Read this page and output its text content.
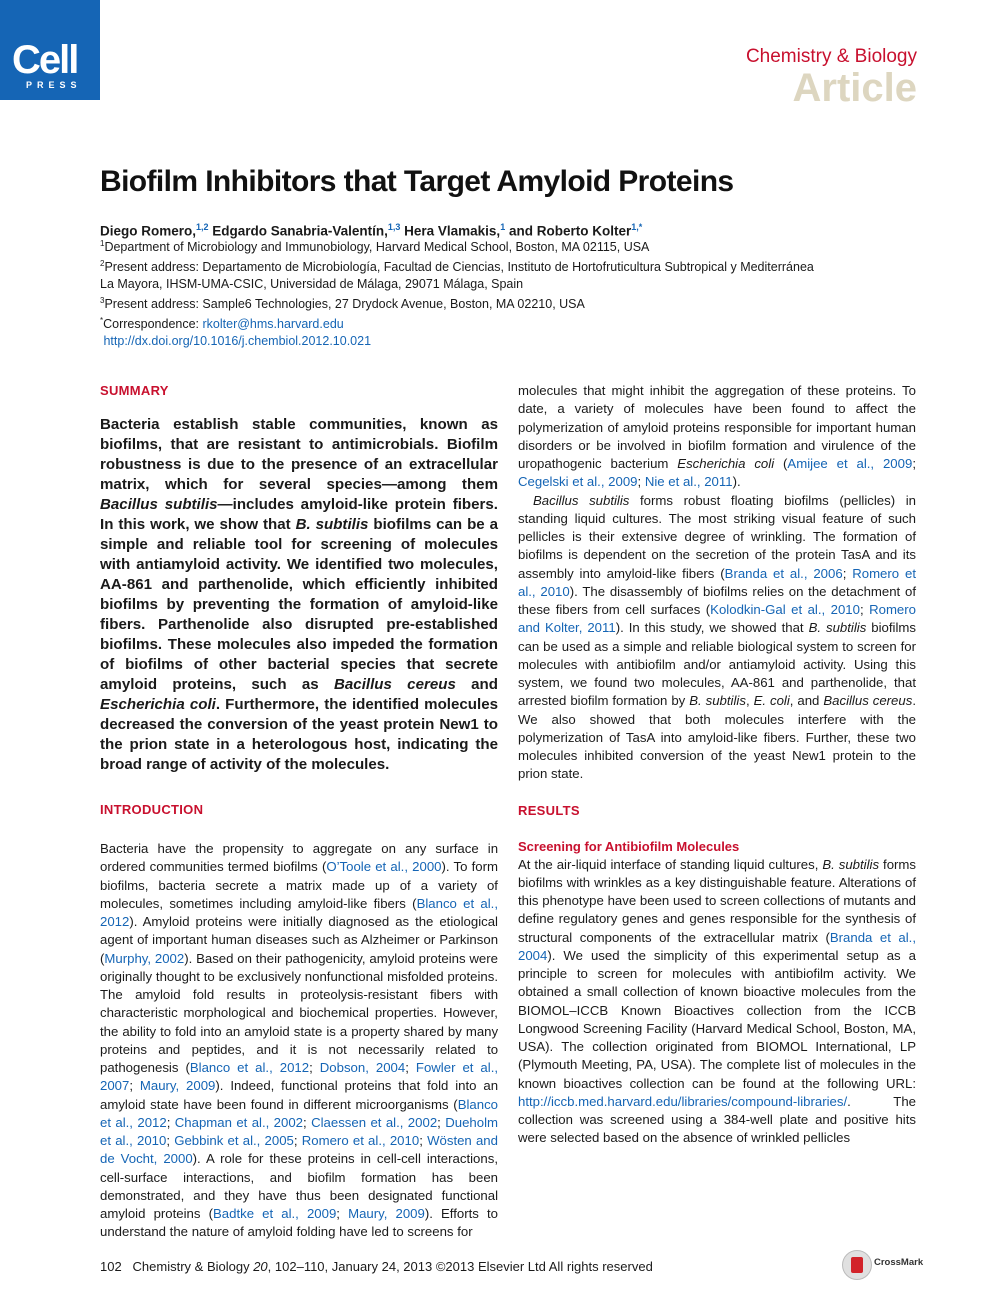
Cell
PRESS
Chemistry & Biology
Article
Biofilm Inhibitors that Target Amyloid Proteins
Diego Romero,$^{1,2}$ Edgardo Sanabria-Valentín,$^{1,3}$ Hera Vlamakis,$^1$ and Roberto Kolter$^{1,*}$
$^1$Department of Microbiology and Immunobiology, Harvard Medical School, Boston, MA 02115, USA
$^2$Present address: Departamento de Microbiología, Facultad de Ciencias, Instituto de Hortofruticultura Subtropical y Mediterránea
La Mayora, IHSM-UMA-CSIC, Universidad de Málaga, 29071 Málaga, Spain
$^3$Present address: Sample6 Technologies, 27 Drydock Avenue, Boston, MA 02210, USA
*Correspondence: rkolter@hms.harvard.edu
http://dx.doi.org/10.1016/j.chembiol.2012.10.021
SUMMARY

Bacteria establish stable communities, known as biofilms, that are resistant to antimicrobials. Biofilm robustness is due to the presence of an extracellular matrix, which for several species—among them Bacillus subtilis—includes amyloid-like protein fibers. In this work, we show that B. subtilis biofilms can be a simple and reliable tool for screening of molecules with antiamyloid activity. We identified two molecules, AA-861 and parthenolide, which efficiently inhibited biofilms by preventing the formation of amyloid-like fibers. Parthenolide also disrupted pre-established biofilms. These molecules also impeded the formation of biofilms of other bacterial species that secrete amyloid proteins, such as Bacillus cereus and Escherichia coli. Furthermore, the identified molecules decreased the conversion of the yeast protein New1 to the prion state in a heterologous host, indicating the broad range of activity of the molecules.

INTRODUCTION

Bacteria have the propensity to aggregate on any surface in ordered communities termed biofilms (O’Toole et al., 2000). To form biofilms, bacteria secrete a matrix made up of a variety of molecules, sometimes including amyloid-like fibers (Blanco et al., 2012). Amyloid proteins were initially diagnosed as the etiological agent of important human diseases such as Alzheimer or Parkinson (Murphy, 2002). Based on their pathogenicity, amyloid proteins were originally thought to be exclusively nonfunctional misfolded proteins. The amyloid fold results in proteolysis-resistant fibers with characteristic morphological and biochemical properties. However, the ability to fold into an amyloid state is a property shared by many proteins and peptides, and it is not necessarily related to pathogenesis (Blanco et al., 2012; Dobson, 2004; Fowler et al., 2007; Maury, 2009). Indeed, functional proteins that fold into an amyloid state have been found in different microorganisms (Blanco et al., 2012; Chapman et al., 2002; Claessen et al., 2002; Dueholm et al., 2010; Gebbink et al., 2005; Romero et al., 2010; Wösten and de Vocht, 2000). A role for these proteins in cell-cell interactions, cell-surface interactions, and biofilm formation has been demonstrated, and they have thus been designated functional amyloid proteins (Badtke et al., 2009; Maury, 2009). Efforts to understand the nature of amyloid folding have led to screens for

molecules that might inhibit the aggregation of these proteins. To date, a variety of molecules have been found to affect the polymerization of amyloid proteins responsible for important human disorders or be involved in biofilm formation and virulence of the uropathogenic bacterium Escherichia coli (Amijee et al., 2009; Cegelski et al., 2009; Nie et al., 2011).

Bacillus subtilis forms robust floating biofilms (pellicles) in standing liquid cultures. The most striking visual feature of such pellicles is their extensive degree of wrinkling. The formation of biofilms is dependent on the secretion of the protein TasA and its assembly into amyloid-like fibers (Branda et al., 2006; Romero et al., 2010). The disassembly of biofilms relies on the detachment of these fibers from cell surfaces (Kolodkin-Gal et al., 2010; Romero and Kolter, 2011). In this study, we showed that B. subtilis biofilms can be used as a simple and reliable biological system to screen for molecules with antibiofilm and/or antiamyloid activity. Using this system, we found two molecules, AA-861 and parthenolide, that arrested biofilm formation by B. subtilis, E. coli, and Bacillus cereus. We also showed that both molecules interfere with the polymerization of TasA into amyloid-like fibers. Further, these two molecules inhibited conversion of the yeast New1 protein to the prion state.

RESULTS
Screening for Antibiofilm Molecules

At the air-liquid interface of standing liquid cultures, B. subtilis forms biofilms with wrinkles as a key distinguishable feature. Alterations of this phenotype have been used to screen collections of mutants and define regulatory genes and genes responsible for the synthesis of structural components of the extracellular matrix (Branda et al., 2004). We used the simplicity of this experimental setup as a principle to screen for molecules with antibiofilm activity. We obtained a small collection of known bioactive molecules from the BIOMOL–ICCB Known Bioactives collection from the ICCB Longwood Screening Facility (Harvard Medical School, Boston, MA, USA). The collection originated from BIOMOL International, LP (Plymouth Meeting, PA, USA). The complete list of molecules in the known bioactives collection can be found at the following URL: http://iccb.med.harvard.edu/libraries/compound-libraries/. The collection was screened using a 384-well plate and positive hits were selected based on the absence of wrinkled pellicles

102 Chemistry & Biology 20, 102–110, January 24, 2013 ©2013 Elsevier Ltd All rights reserved	CrossMark
